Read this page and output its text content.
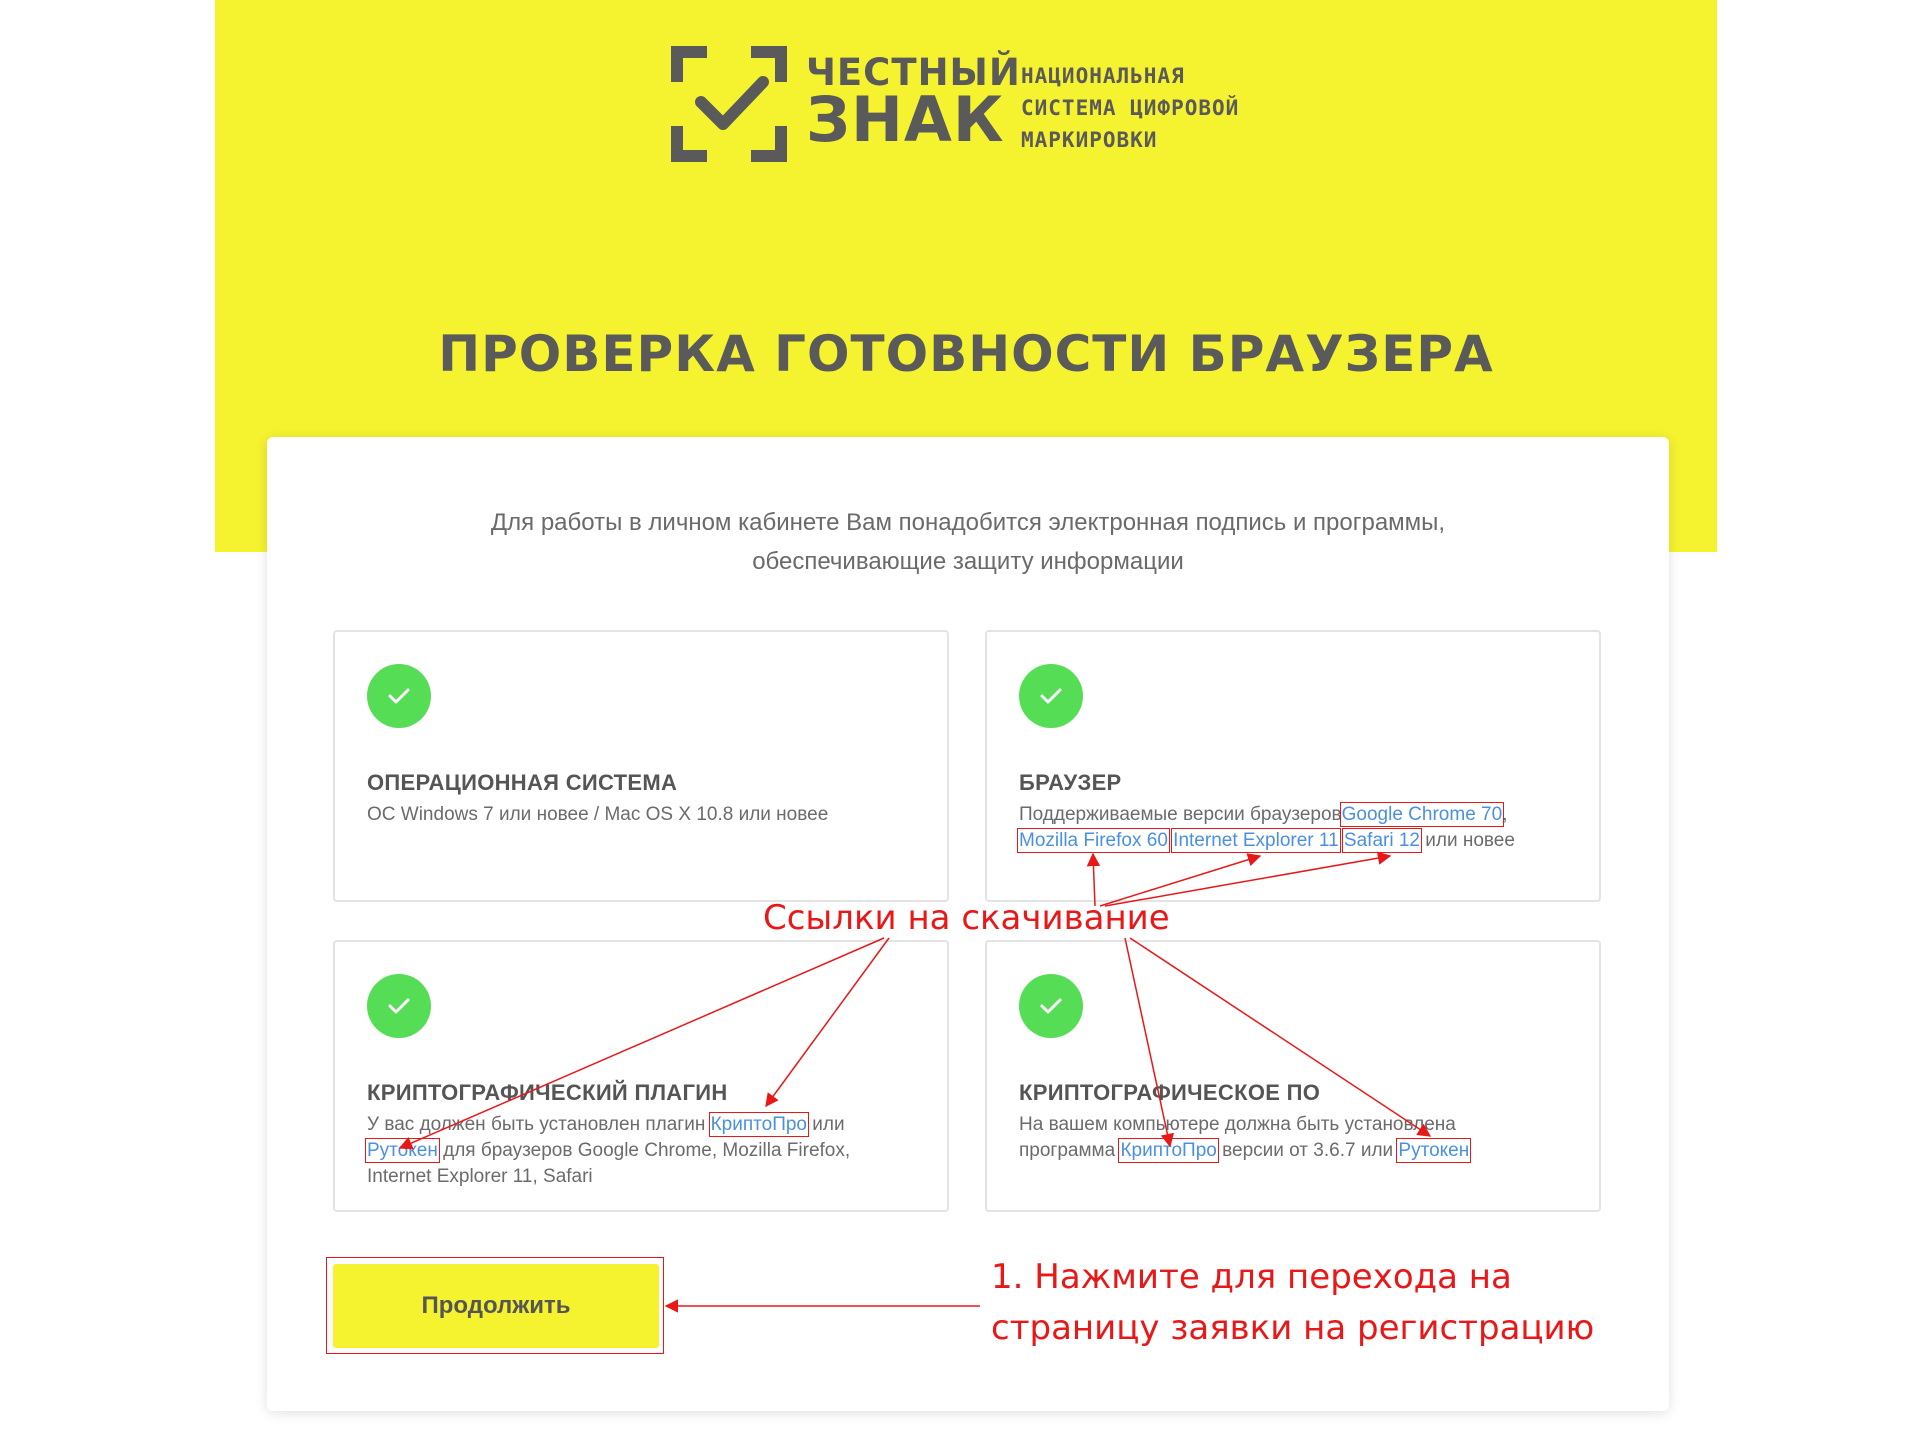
ЧЕСТНЫЙ
ЗНАК
НАЦИОНАЛЬНАЯ
СИСТЕМА ЦИФРОВОЙ
МАРКИРОВКИ
ПРОВЕРКА ГОТОВНОСТИ БРАУЗЕРА

Для работы в личном кабинете Вам понадобится электронная подпись и программы,
обеспечивающие защиту информации

ОПЕРАЦИОННАЯ СИСТЕМА

ОС Windows 7 или новее / Mac OS X 10.8 или новее

БРАУЗЕР

Поддерживаемые версии браузеровGoogle Chrome 70,
Mozilla Firefox 60 Internet Explorer 11 Safari 12 или новее

КРИПТОГРАФИЧЕСКИЙ ПЛАГИН

У вас должен быть установлен плагин КриптоПро или
Рутокен для браузеров Google Chrome, Mozilla Firefox,
Internet Explorer 11, Safari

КРИПТОГРАФИЧЕСКОЕ ПО

На вашем компьютере должна быть установлена
программа КриптоПро версии от 3.6.7 или Рутокен

Продолжить

Ссылки на скачивание

1. Нажмите для перехода на
страницу заявки на регистрацию
